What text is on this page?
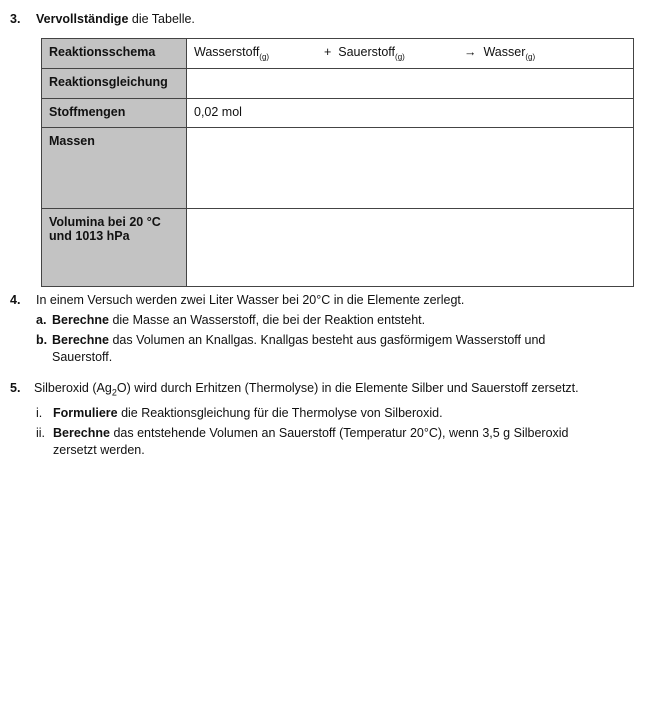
3. Vervollständige die Tabelle.
Reaktionsschema	Wasserstoff$_{(g)}$ + Sauerstoff$_{(g)}$ → Wasser$_{(g)}$

Reaktionsgleichung	
Stoffmengen	0,02 mol
Massen	

Volumina bei 20 °C
und 1013 hPa	

4.	In einem Versuch werden zwei Liter Wasser bei 20°C in die Elemente zerlegt.
a. Berechne die Masse an Wasserstoff, die bei der Reaktion entsteht.
b. Berechne das Volumen an Knallgas. Knallgas besteht aus gasförmigem Wasserstoff und Sauerstoff.
5.	Silberoxid $(Ag_2O)$ wird durch Erhitzen (Thermolyse) in die Elemente Silber und Sauerstoff zersetzt.
i. Formuliere die Reaktionsgleichung für die Thermolyse von Silberoxid.
ii. Berechne das entstehende Volumen an Sauerstoff (Temperatur 20°C), wenn 3,5 g Silberoxid zersetzt werden.
